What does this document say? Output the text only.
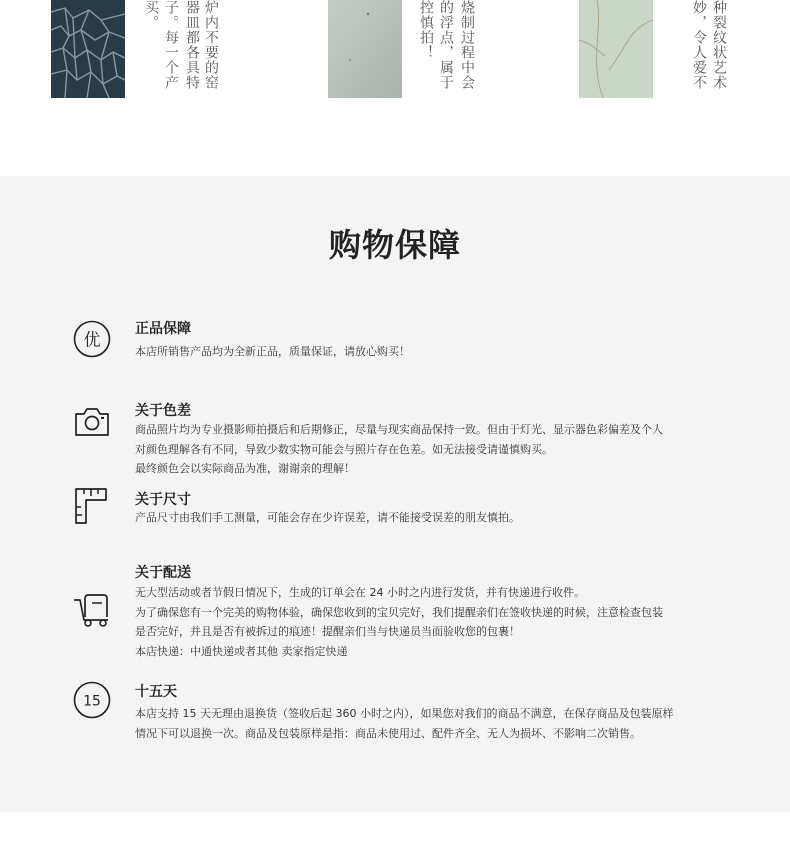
炉内不要的窑
器皿都各具特
子。每一个产
买。	烧制过程中会
的浮点，属于
控慎拍！	种裂纹状艺术
妙，令人爱不
购物保障
优
正品保障
本店所销售产品均为全新正品，质量保证，请放心购买！
关于色差
商品照片均为专业摄影师拍摄后和后期修正，尽量与现实商品保持一致。但由于灯光、显示器色彩偏差及个人
对颜色理解各有不同，导致少数实物可能会与照片存在色差。如无法接受请谨慎购买。
最终颜色会以实际商品为准，谢谢亲的理解！
关于尺寸
产品尺寸由我们手工测量，可能会存在少许误差，请不能接受误差的朋友慎拍。
关于配送
无大型活动或者节假日情况下，生成的订单会在 24 小时之内进行发货，并有快递进行收件。
为了确保您有一个完美的购物体验，确保您收到的宝贝完好，我们提醒亲们在签收快递的时候，注意检查包装
是否完好，并且是否有被拆过的痕迹！提醒亲们当与快递员当面验收您的包裹！
本店快递：中通快递或者其他 卖家指定快递
15
十五天
本店支持 15 天无理由退换货（签收后起 360 小时之内），如果您对我们的商品不满意，在保存商品及包装原样
情况下可以退换一次。商品及包装原样是指：商品未使用过、配件齐全、无人为损坏、不影响二次销售。
